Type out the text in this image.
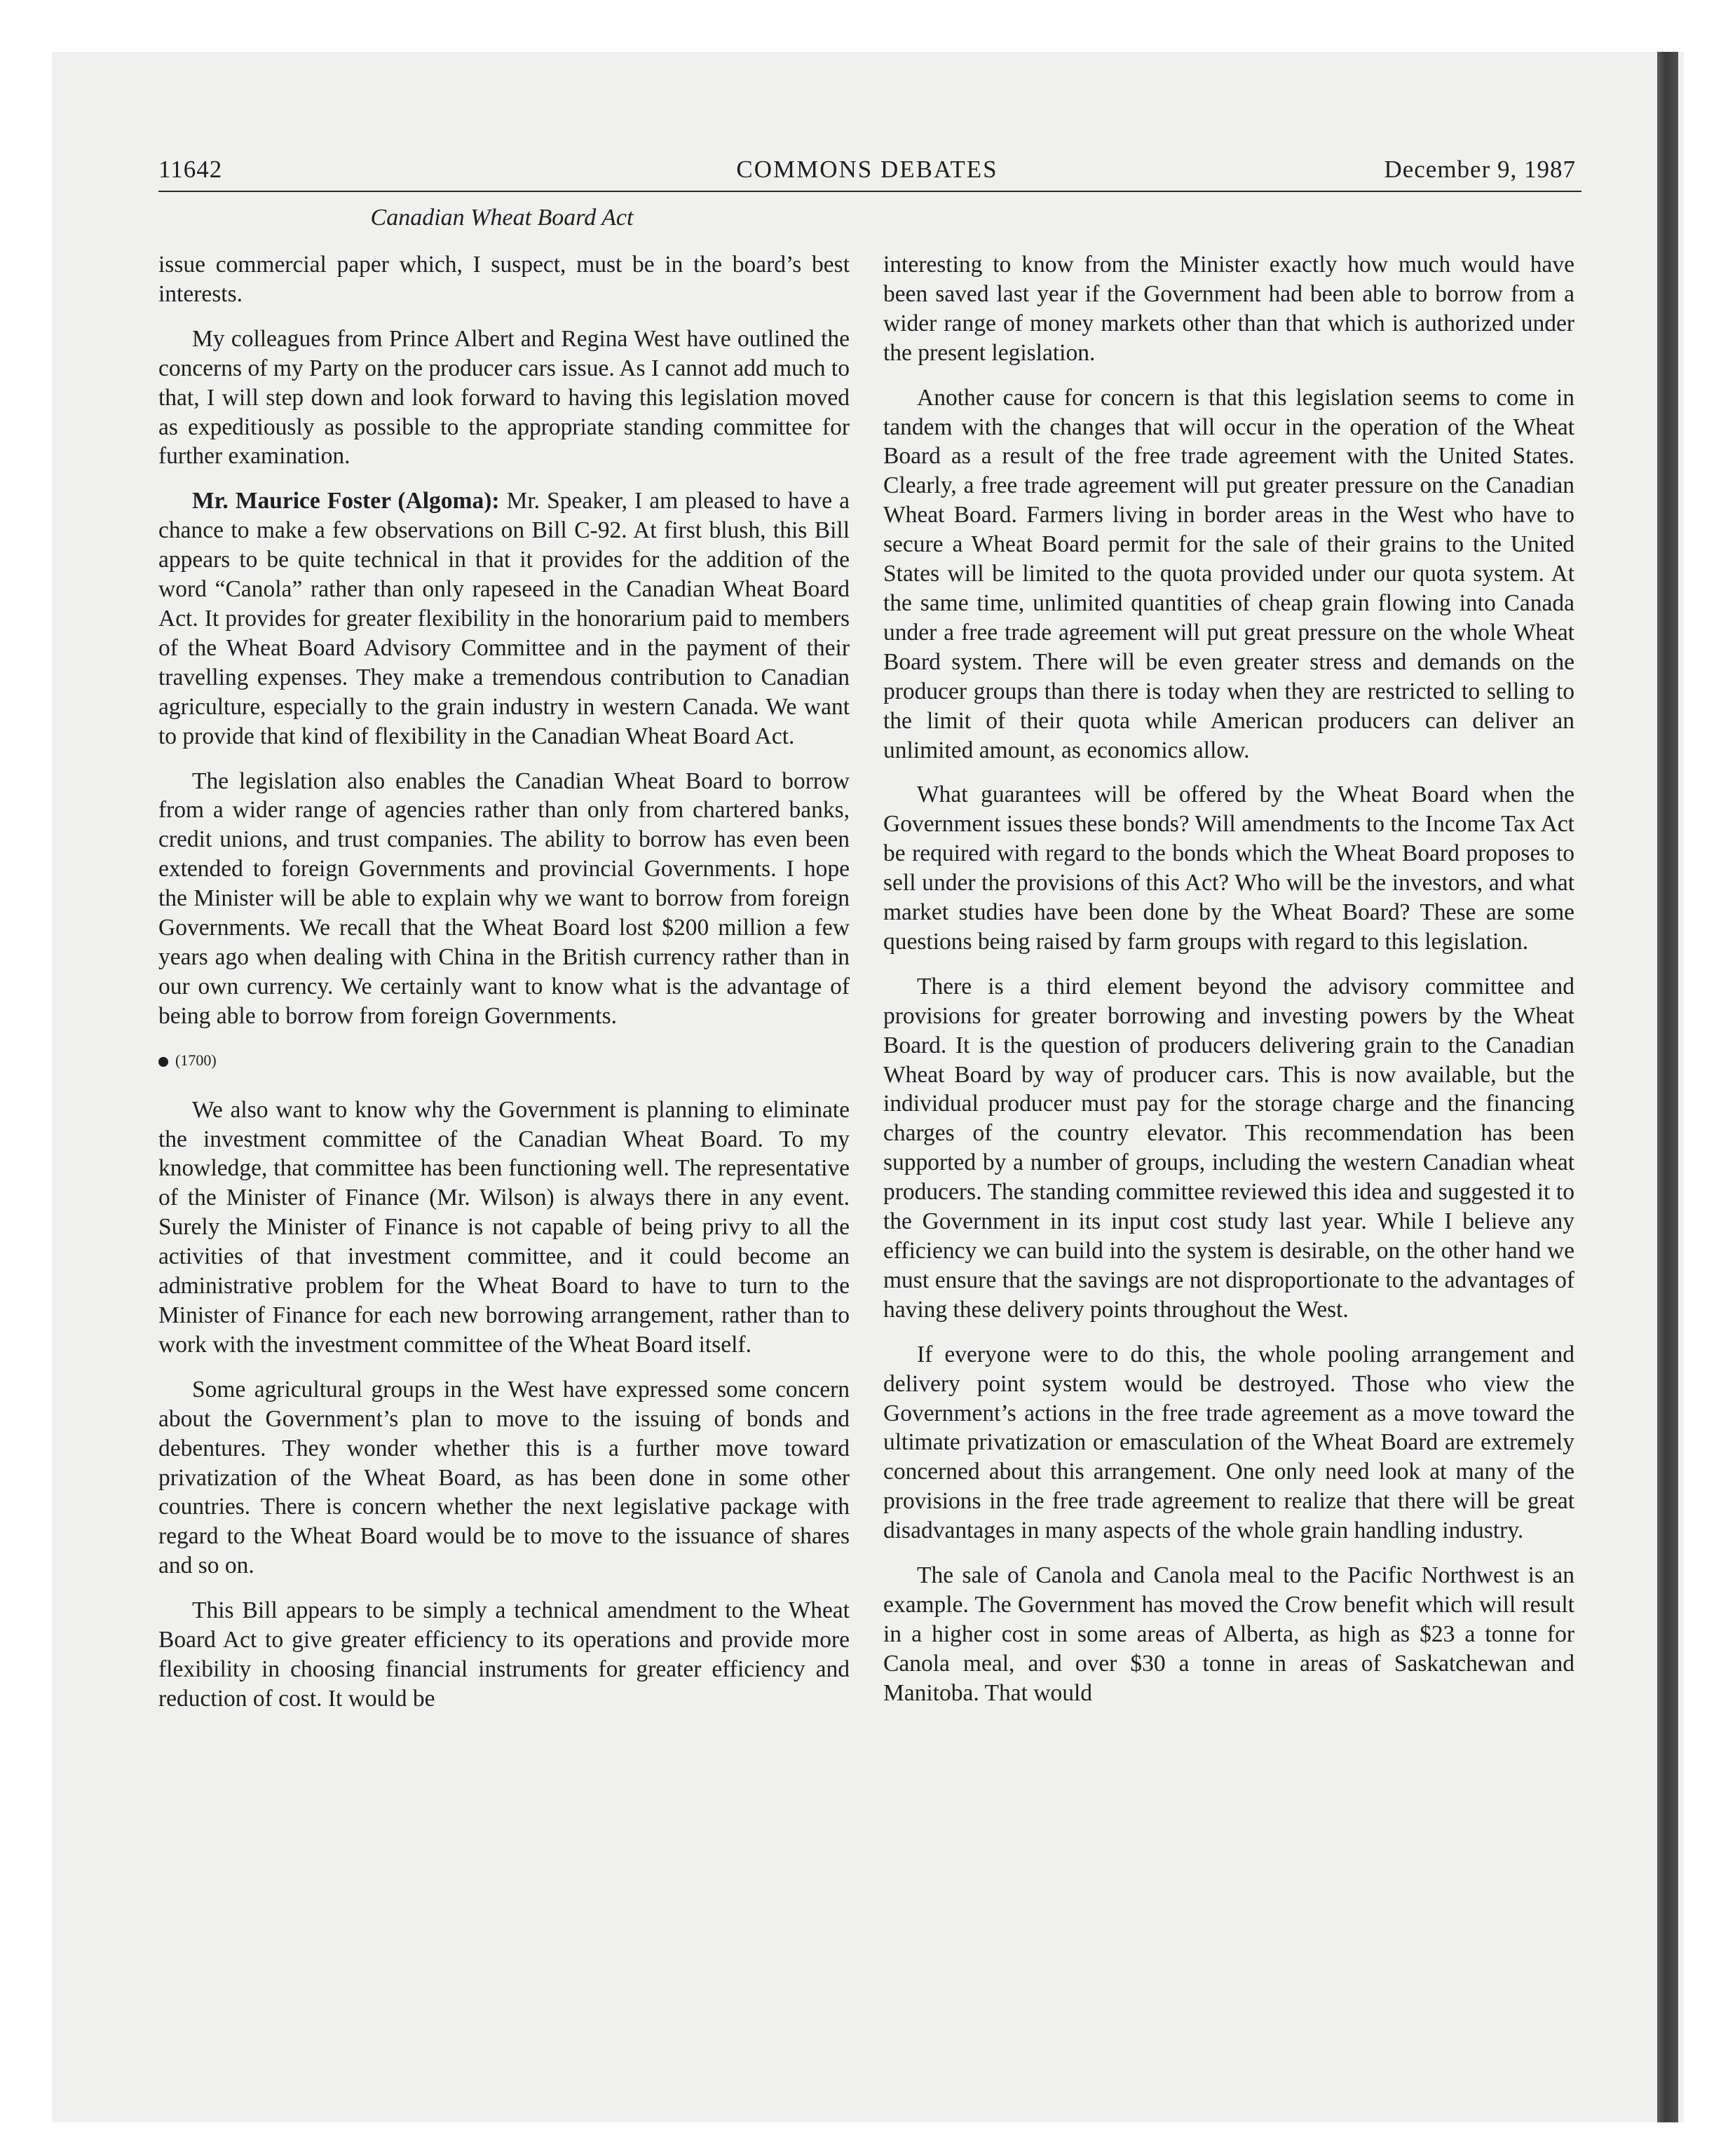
11642	COMMONS DEBATES	December 9, 1987
Canadian Wheat Board Act

issue commercial paper which, I suspect, must be in the board’s best interests.

My colleagues from Prince Albert and Regina West have outlined the concerns of my Party on the producer cars issue. As I cannot add much to that, I will step down and look forward to having this legislation moved as expeditiously as possible to the appropriate standing committee for further examination.

Mr. Maurice Foster (Algoma): Mr. Speaker, I am pleased to have a chance to make a few observations on Bill C-92. At first blush, this Bill appears to be quite technical in that it provides for the addition of the word “Canola” rather than only rapeseed in the Canadian Wheat Board Act. It provides for greater flexibility in the honorarium paid to members of the Wheat Board Advisory Committee and in the payment of their travelling expenses. They make a tremendous contribution to Canadian agriculture, especially to the grain industry in western Canada. We want to provide that kind of flexibility in the Canadian Wheat Board Act.

The legislation also enables the Canadian Wheat Board to borrow from a wider range of agencies rather than only from chartered banks, credit unions, and trust companies. The ability to borrow has even been extended to foreign Governments and provincial Governments. I hope the Minister will be able to explain why we want to borrow from foreign Governments. We recall that the Wheat Board lost $200 million a few years ago when dealing with China in the British currency rather than in our own currency. We certainly want to know what is the advantage of being able to borrow from foreign Governments.

(1700)

We also want to know why the Government is planning to eliminate the investment committee of the Canadian Wheat Board. To my knowledge, that committee has been functioning well. The representative of the Minister of Finance (Mr. Wilson) is always there in any event. Surely the Minister of Finance is not capable of being privy to all the activities of that investment committee, and it could become an administrative problem for the Wheat Board to have to turn to the Minister of Finance for each new borrowing arrangement, rather than to work with the investment committee of the Wheat Board itself.

Some agricultural groups in the West have expressed some concern about the Government’s plan to move to the issuing of bonds and debentures. They wonder whether this is a further move toward privatization of the Wheat Board, as has been done in some other countries. There is concern whether the next legislative package with regard to the Wheat Board would be to move to the issuance of shares and so on.

This Bill appears to be simply a technical amendment to the Wheat Board Act to give greater efficiency to its operations and provide more flexibility in choosing financial instruments for greater efficiency and reduction of cost. It would be

interesting to know from the Minister exactly how much would have been saved last year if the Government had been able to borrow from a wider range of money markets other than that which is authorized under the present legislation.

Another cause for concern is that this legislation seems to come in tandem with the changes that will occur in the operation of the Wheat Board as a result of the free trade agreement with the United States. Clearly, a free trade agreement will put greater pressure on the Canadian Wheat Board. Farmers living in border areas in the West who have to secure a Wheat Board permit for the sale of their grains to the United States will be limited to the quota provided under our quota system. At the same time, unlimited quantities of cheap grain flowing into Canada under a free trade agreement will put great pressure on the whole Wheat Board system. There will be even greater stress and demands on the producer groups than there is today when they are restricted to selling to the limit of their quota while American producers can deliver an unlimited amount, as economics allow.

What guarantees will be offered by the Wheat Board when the Government issues these bonds? Will amendments to the Income Tax Act be required with regard to the bonds which the Wheat Board proposes to sell under the provisions of this Act? Who will be the investors, and what market studies have been done by the Wheat Board? These are some questions being raised by farm groups with regard to this legislation.

There is a third element beyond the advisory committee and provisions for greater borrowing and investing powers by the Wheat Board. It is the question of producers delivering grain to the Canadian Wheat Board by way of producer cars. This is now available, but the individual producer must pay for the storage charge and the financing charges of the country elevator. This recommendation has been supported by a number of groups, including the western Canadian wheat producers. The standing committee reviewed this idea and suggested it to the Government in its input cost study last year. While I believe any efficiency we can build into the system is desirable, on the other hand we must ensure that the savings are not disproportionate to the advantages of having these delivery points throughout the West.

If everyone were to do this, the whole pooling arrangement and delivery point system would be destroyed. Those who view the Government’s actions in the free trade agreement as a move toward the ultimate privatization or emasculation of the Wheat Board are extremely concerned about this arrangement. One only need look at many of the provisions in the free trade agreement to realize that there will be great disadvantages in many aspects of the whole grain handling industry.

The sale of Canola and Canola meal to the Pacific Northwest is an example. The Government has moved the Crow benefit which will result in a higher cost in some areas of Alberta, as high as $23 a tonne for Canola meal, and over $30 a tonne in areas of Saskatchewan and Manitoba. That would
